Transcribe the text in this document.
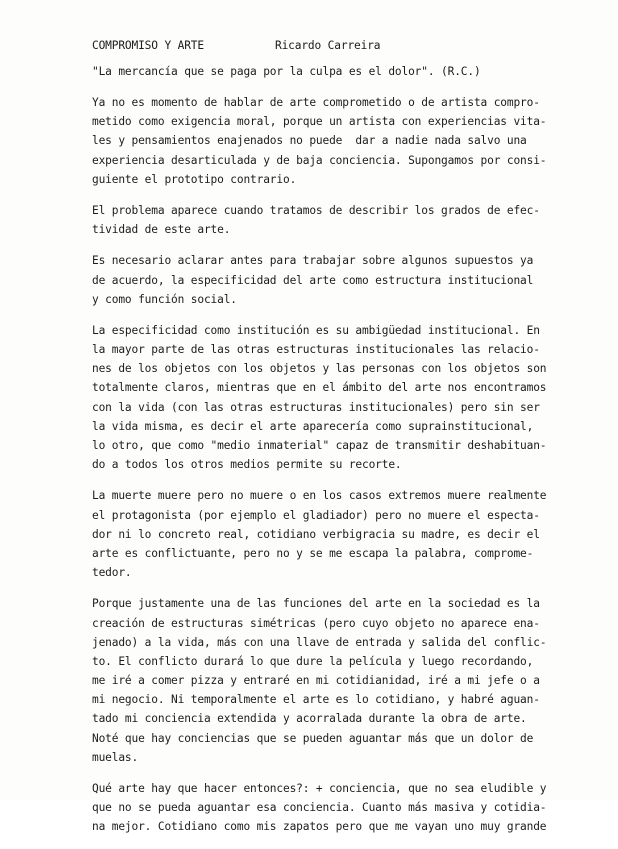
COMPROMISO Y ARTE	Ricardo Carreira
"La mercancía que se paga por la culpa es el dolor". (R.C.)
Ya no es momento de hablar de arte comprometido o de artista compro-
metido como exigencia moral, porque un artista con experiencias vita-
les y pensamientos enajenados no puede  dar a nadie nada salvo una
experiencia desarticulada y de baja conciencia. Supongamos por consi-
guiente el prototipo contrario.
El problema aparece cuando tratamos de describir los grados de efec-
tividad de este arte.
Es necesario aclarar antes para trabajar sobre algunos supuestos ya
de acuerdo, la especificidad del arte como estructura institucional
y como función social.
La especificidad como institución es su ambigüedad institucional. En
la mayor parte de las otras estructuras institucionales las relacio-
nes de los objetos con los objetos y las personas con los objetos son
totalmente claros, mientras que en el ámbito del arte nos encontramos
con la vida (con las otras estructuras institucionales) pero sin ser
la vida misma, es decir el arte aparecería como suprainstitucional,
lo otro, que como "medio inmaterial" capaz de transmitir deshabituan-
do a todos los otros medios permite su recorte.
La muerte muere pero no muere o en los casos extremos muere realmente
el protagonista (por ejemplo el gladiador) pero no muere el especta-
dor ni lo concreto real, cotidiano verbigracia su madre, es decir el
arte es conflictuante, pero no y se me escapa la palabra, comprome-
tedor.
Porque justamente una de las funciones del arte en la sociedad es la
creación de estructuras simétricas (pero cuyo objeto no aparece ena-
jenado) a la vida, más con una llave de entrada y salida del conflic-
to. El conflicto durará lo que dure la película y luego recordando,
me iré a comer pizza y entraré en mi cotidianidad, iré a mi jefe o a
mi negocio. Ni temporalmente el arte es lo cotidiano, y habré aguan-
tado mi conciencia extendida y acorralada durante la obra de arte.
Noté que hay conciencias que se pueden aguantar más que un dolor de
muelas.
Qué arte hay que hacer entonces?: + conciencia, que no sea eludible y
que no se pueda aguantar esa conciencia. Cuanto más masiva y cotidia-
na mejor. Cotidiano como mis zapatos pero que me vayan uno muy grande
